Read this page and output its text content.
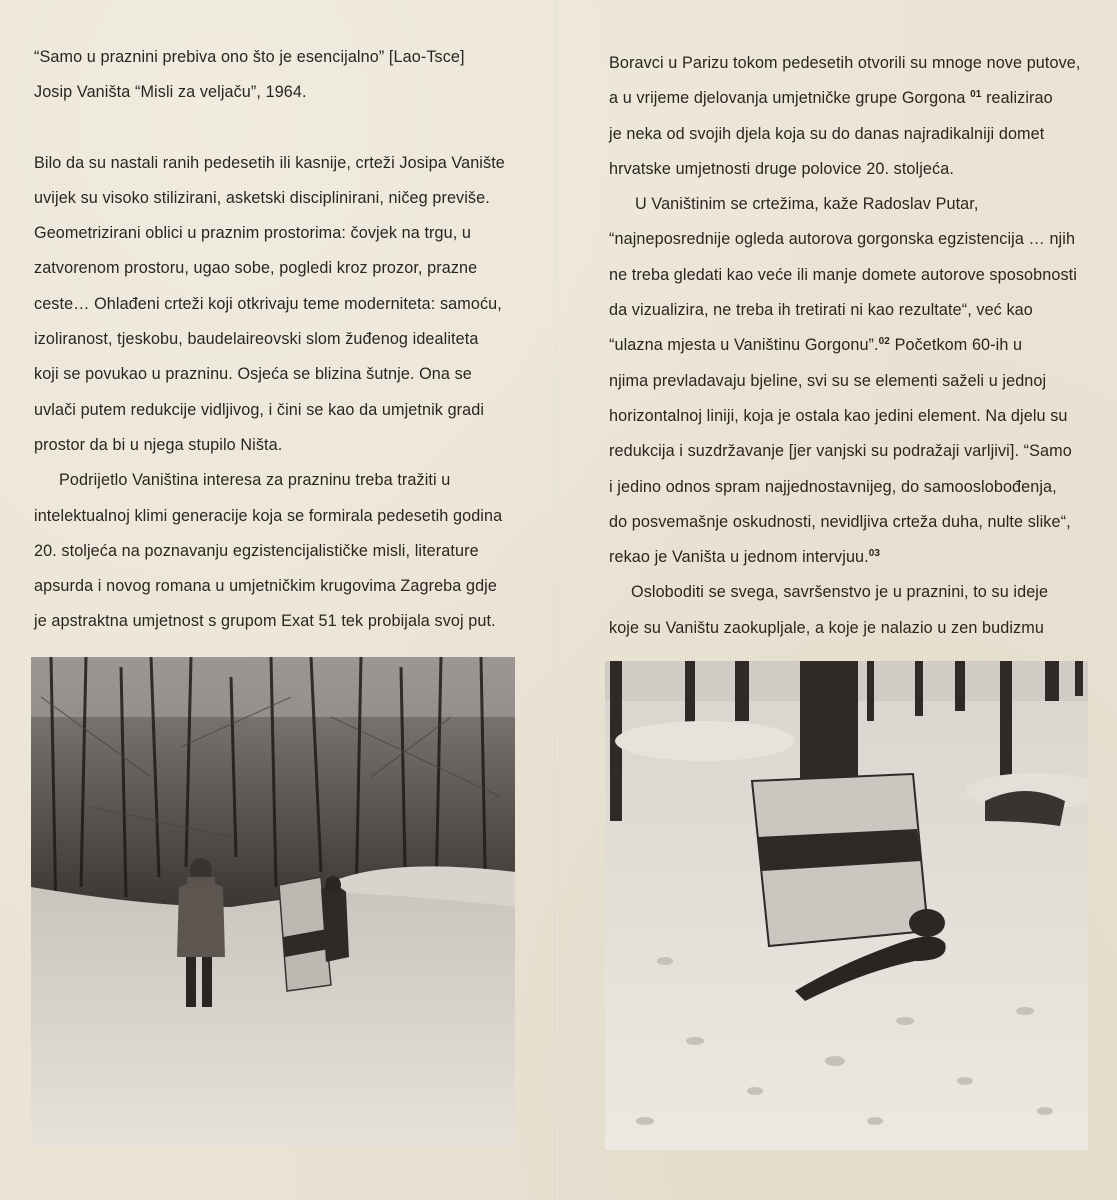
“Samo u praznini prebiva ono što je esencijalno” [Lao-Tsce]
Josip Vaništa “Misli za veljaču”, 1964.
Bilo da su nastali ranih pedesetih ili kasnije, crteži Josipa Vanište
uvijek su visoko stilizirani, asketski disciplinirani, ničeg previše.
Geometrizirani oblici u praznim prostorima: čovjek na trgu, u
zatvorenom prostoru, ugao sobe, pogledi kroz prozor, prazne
ceste… Ohlađeni crteži koji otkrivaju teme moderniteta: samoću,
izoliranost, tjeskobu, baudelaireovski slom žuđenog idealiteta
koji se povukao u prazninu. Osjeća se blizina šutnje. Ona se
uvlači putem redukcije vidljivog, i čini se kao da umjetnik gradi
prostor da bi u njega stupilo Ništa.
Podrijetlo Vaniština interesa za prazninu treba tražiti u
intelektualnoj klimi generacije koja se formirala pedesetih godina
20. stoljeća na poznavanju egzistencijalističke misli, literature
apsurda i novog romana u umjetničkim krugovima Zagreba gdje
je apstraktna umjetnost s grupom Exat 51 tek probijala svoj put.
Boravci u Parizu tokom pedesetih otvorili su mnoge nove putove,
a u vrijeme djelovanja umjetničke grupe Gorgona $^{01}$ realizirao
je neka od svojih djela koja su do danas najradikalniji domet
hrvatske umjetnosti druge polovice 20. stoljeća.
U Vaništinim se crtežima, kaže Radoslav Putar,
“najneposrednije ogleda autorova gorgonska egzistencija … njih
ne treba gledati kao veće ili manje domete autorove sposobnosti
da vizualizira, ne treba ih tretirati ni kao rezultate“, već kao
“ulazna mjesta u Vaništinu Gorgonu”.$^{02}$ Početkom 60-ih u
njima prevladavaju bjeline, svi su se elementi saželi u jednoj
horizontalnoj liniji, koja je ostala kao jedini element. Na djelu su
redukcija i suzdržavanje [jer vanjski su podražaji varljivi]. “Samo
i jedino odnos spram najjednostavnijeg, do samooslobođenja,
do posvemašnje oskudnosti, nevidljiva crteža duha, nulte slike“,
rekao je Vaništa u jednom intervjuu.$^{03}$
Osloboditi se svega, savršenstvo je u praznini, to su ideje
koje su Vaništu zaokupljale, a koje je nalazio u zen budizmu
